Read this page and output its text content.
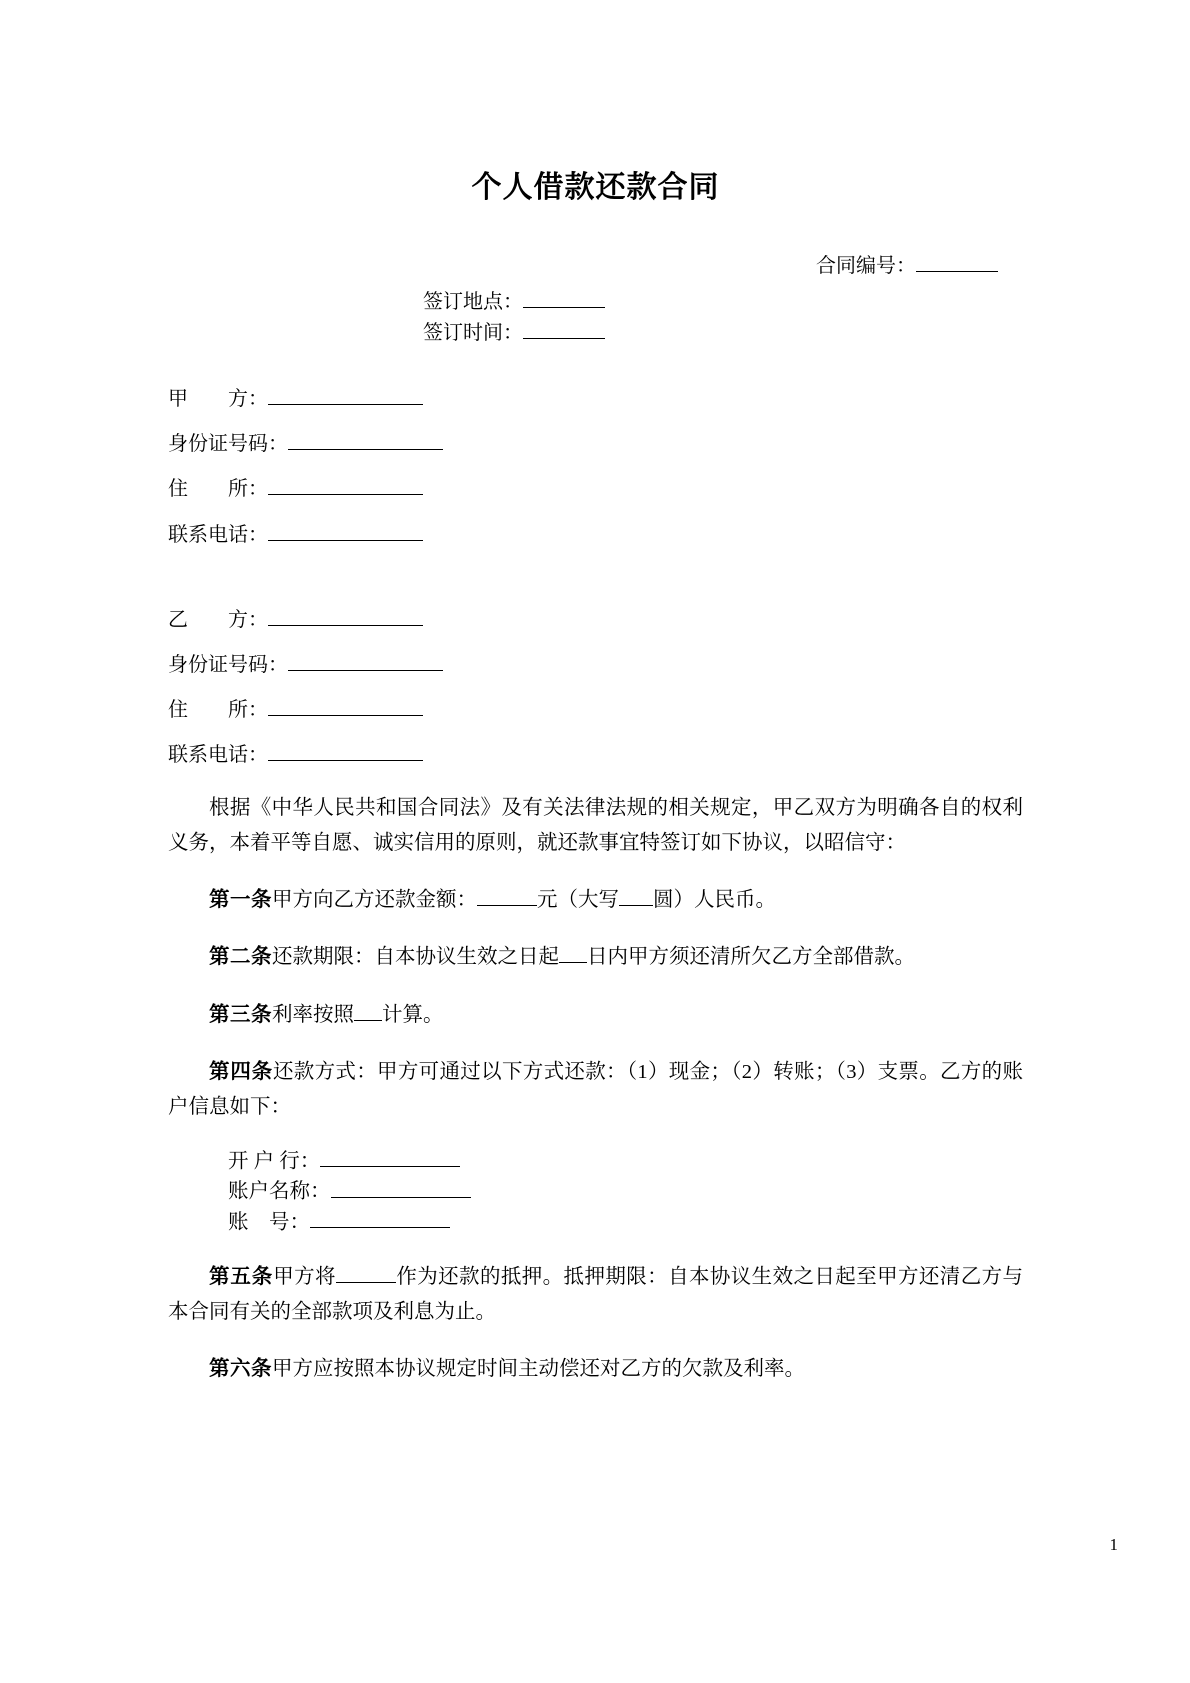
个人借款还款合同
合同编号：
签订地点：
签订时间：
甲　　方：
身份证号码：
住　　所：
联系电话：
乙　　方：
身份证号码：
住　　所：
联系电话：

根据《中华人民共和国合同法》及有关法律法规的相关规定，甲乙双方为明确各自的权利义务，本着平等自愿、诚实信用的原则，就还款事宜特签订如下协议，以昭信守：

第一条甲方向乙方还款金额：	元（大写 圆）人民币。

第二条还款期限：自本协议生效之日起 日内甲方须还清所欠乙方全部借款。

第三条利率按照 计算。

第四条还款方式：甲方可通过以下方式还款：（1）现金；（2）转账；（3）支票。乙方的账户信息如下：

开 户 行：
账户名称：
账　号：

第五条甲方将	作为还款的抵押。抵押期限：自本协议生效之日起至甲方还清乙方与本合同有关的全部款项及利息为止。

第六条甲方应按照本协议规定时间主动偿还对乙方的欠款及利率。

1
